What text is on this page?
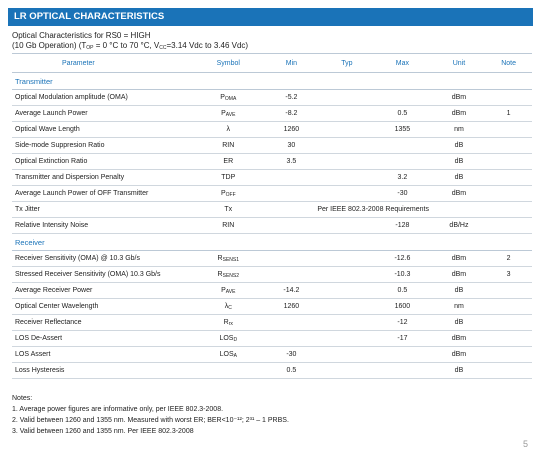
LR OPTICAL CHARACTERISTICS
Optical Characteristics for RS0 = HIGH
(10 Gb Operation) ($T_{OP} = 0$ °C to 70 °C, $V_{CC}=3.14$ Vdc to 3.46 Vdc)
Parameter	Symbol	Min	Typ	Max	Unit	Note
Transmitter						
Optical Modulation amplitude (OMA)	$P_{OMA}$	-5.2			dBm	
Average Launch Power	$P_{AVE}$	-8.2		0.5	dBm	1
Optical Wave Length	λ	1260		1355	nm	
Side-mode Suppresion Ratio	RIN	30			dB	
Optical Extinction Ratio	ER	3.5			dB	
Transmitter and Dispersion Penalty	TDP			3.2	dB	
Average Launch Power of OFF Transmitter	$P_{OFF}$			-30	dBm	
Tx Jitter	Tx	Per IEEE 802.3-2008 Requirements				
Relative Intensity Noise	RIN			-128	dB/Hz	
Receiver						
Receiver Sensitivity (OMA) @ 10.3 Gb/s	$R_{SENS1}$			-12.6	dBm	2
Stressed Receiver Sensitivity (OMA) 10.3 Gb/s	$R_{SENS2}$			-10.3	dBm	3
Average Receiver Power	$P_{AVE}$	-14.2		0.5	dB	
Optical Center Wavelength	$\lambda_C$	1260		1600	nm	
Receiver Reflectance	$R_{rx}$			-12	dB	
LOS De-Assert	$LOS_D$			-17	dBm	
LOS Assert	$LOS_A$	-30			dBm	
Loss Hysteresis		0.5			dB	
Notes:
1. Average power figures are informative only, per IEEE 802.3-2008.
2. Valid between 1260 and 1355 nm. Measured with worst ER; BER<10⁻¹²; 2³¹ – 1 PRBS.
3. Valid between 1260 and 1355 nm. Per IEEE 802.3-2008
5
